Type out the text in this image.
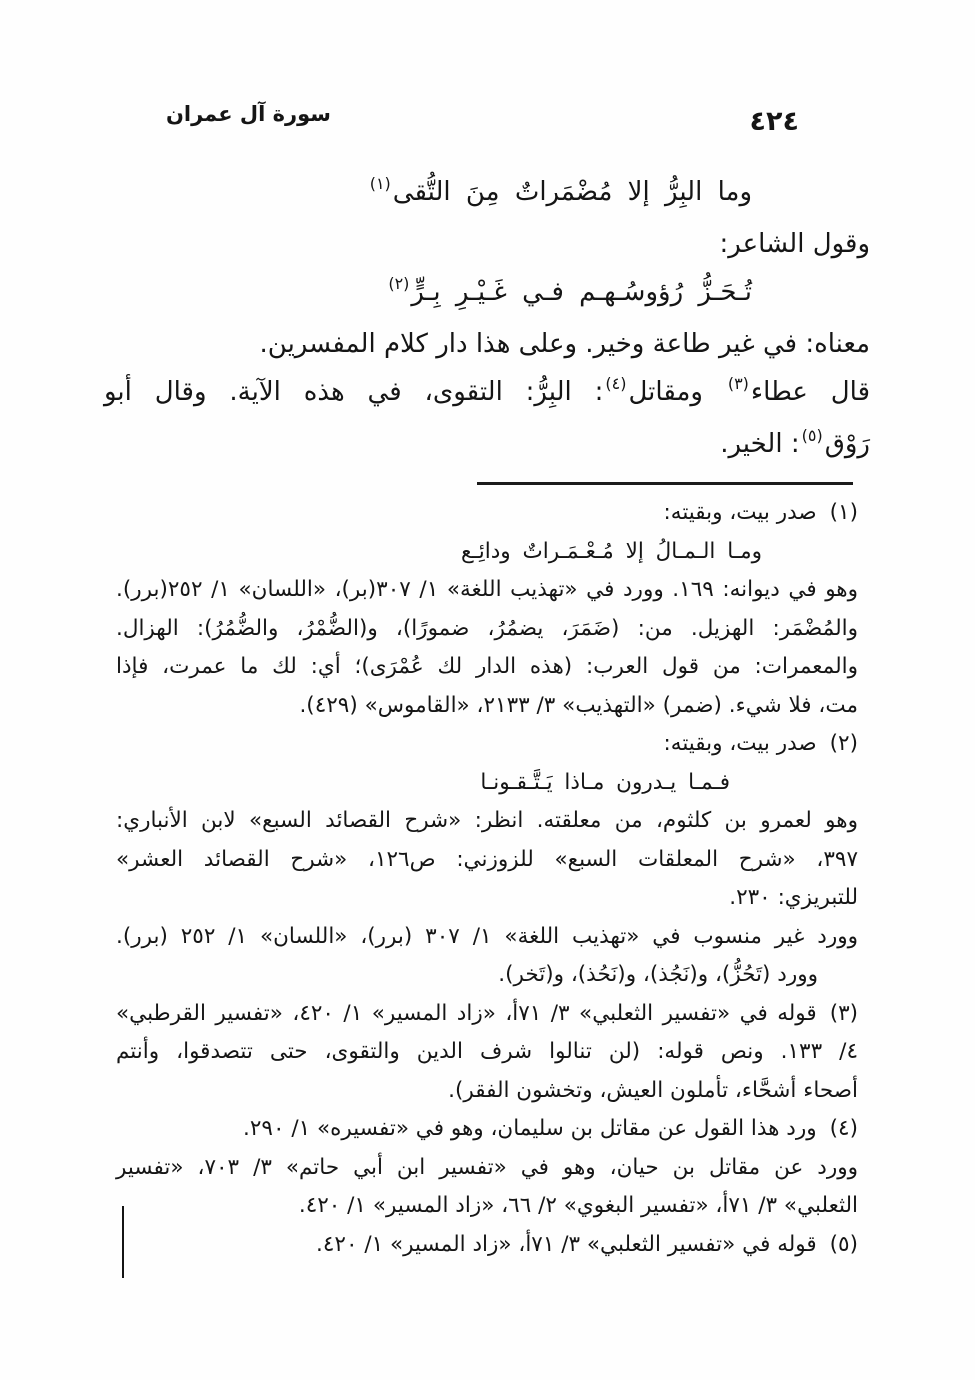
سورة آل عمران	٤٢٤
وما البِرُّ إلا مُضْمَراتٌ مِنَ التُّقى(١)
وقول الشاعر:
تُـحَـزُّ رُؤوسُـهـم فـي غَـيْـرِ بِـرٍّ(٢)
معناه: في غير طاعة وخير. وعلى هذا دار كلام المفسرين.
قال عطاء(٣) ومقاتل(٤): البِرُّ: التقوى، في هذه الآية. وقال أبو
رَوْق(٥): الخير.
(١)صدر بيت، وبقيته:
ومـا الـمـالُ إلا مُـعْـمَـراتٌ ودائِـع
وهو في ديوانه: ١٦٩. وورد في «تهذيب اللغة» ١/ ٣٠٧(بر)، «اللسان» ١/ ٢٥٢(برر).
والمُضْمَر: الهزيل. من: (ضَمَرَ، يضمُرُ، ضمورًا)، و(الضُّمْرُ، والضُّمُرُ): الهزال.
والمعمرات: من قول العرب: (هذه الدار لك عُمْرَى)؛ أي: لك ما عمرت، فإذا
مت، فلا شيء. (ضمر) «التهذيب» ٣/ ٢١٣٣، «القاموس» (٤٢٩).
(٢)صدر بيت، وبقيته:
فـمـا يـدرون مـاذا يَـتَّـقـونـا
وهو لعمرو بن كلثوم، من معلقته. انظر: «شرح القصائد السبع» لابن الأنباري:
٣٩٧، «شرح المعلقات السبع» للزوزني: ص١٢٦، «شرح القصائد العشر»
للتبريزي: ٢٣٠.
وورد غير منسوب في «تهذيب اللغة» ١/ ٣٠٧ (برر)، «اللسان» ١/ ٢٥٢ (برر).
وورد (تَحُزُّ)، و(نَجُذ)، و(نَحُذ)، و(تَخر).
(٣)قوله في «تفسير الثعلبي» ٣/ ٧١أ، «زاد المسير» ١/ ٤٢٠، «تفسير القرطبي»
٤/ ١٣٣. ونص قوله: (لن تنالوا شرف الدين والتقوى، حتى تتصدقوا، وأنتم
أصحاء أشحَّاء، تأملون العيش، وتخشون الفقر).
(٤)ورد هذا القول عن مقاتل بن سليمان، وهو في «تفسيره» ١/ ٢٩٠.
وورد عن مقاتل بن حيان، وهو في «تفسير ابن أبي حاتم» ٣/ ٧٠٣، «تفسير
الثعلبي» ٣/ ٧١أ، «تفسير البغوي» ٢/ ٦٦، «زاد المسير» ١/ ٤٢٠.
(٥)قوله في «تفسير الثعلبي» ٣/ ٧١أ، «زاد المسير» ١/ ٤٢٠.
